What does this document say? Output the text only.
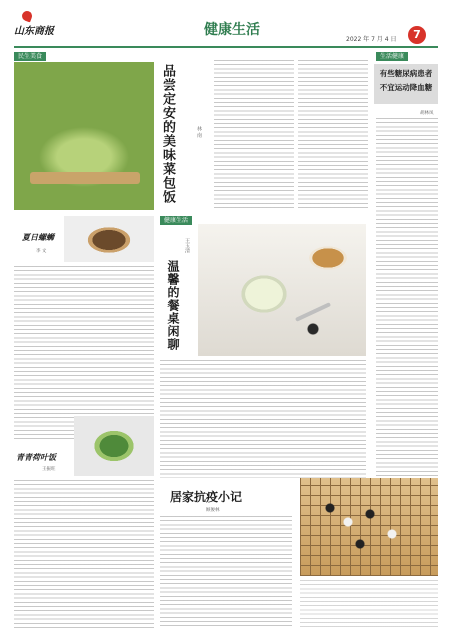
山东商报	健康生活
2022 年 7 月 4 日	7
民生美食
品尝定安的美味菜包饭	林 南
生活健康
有些糖尿病患者
不宜运动降血糖
胡林凤
夏日螺蛳
李 文
青青荷叶饭
王振旺
健康生活
温馨的餐桌闲聊
王玉清
居家抗疫小记
顾俊林
